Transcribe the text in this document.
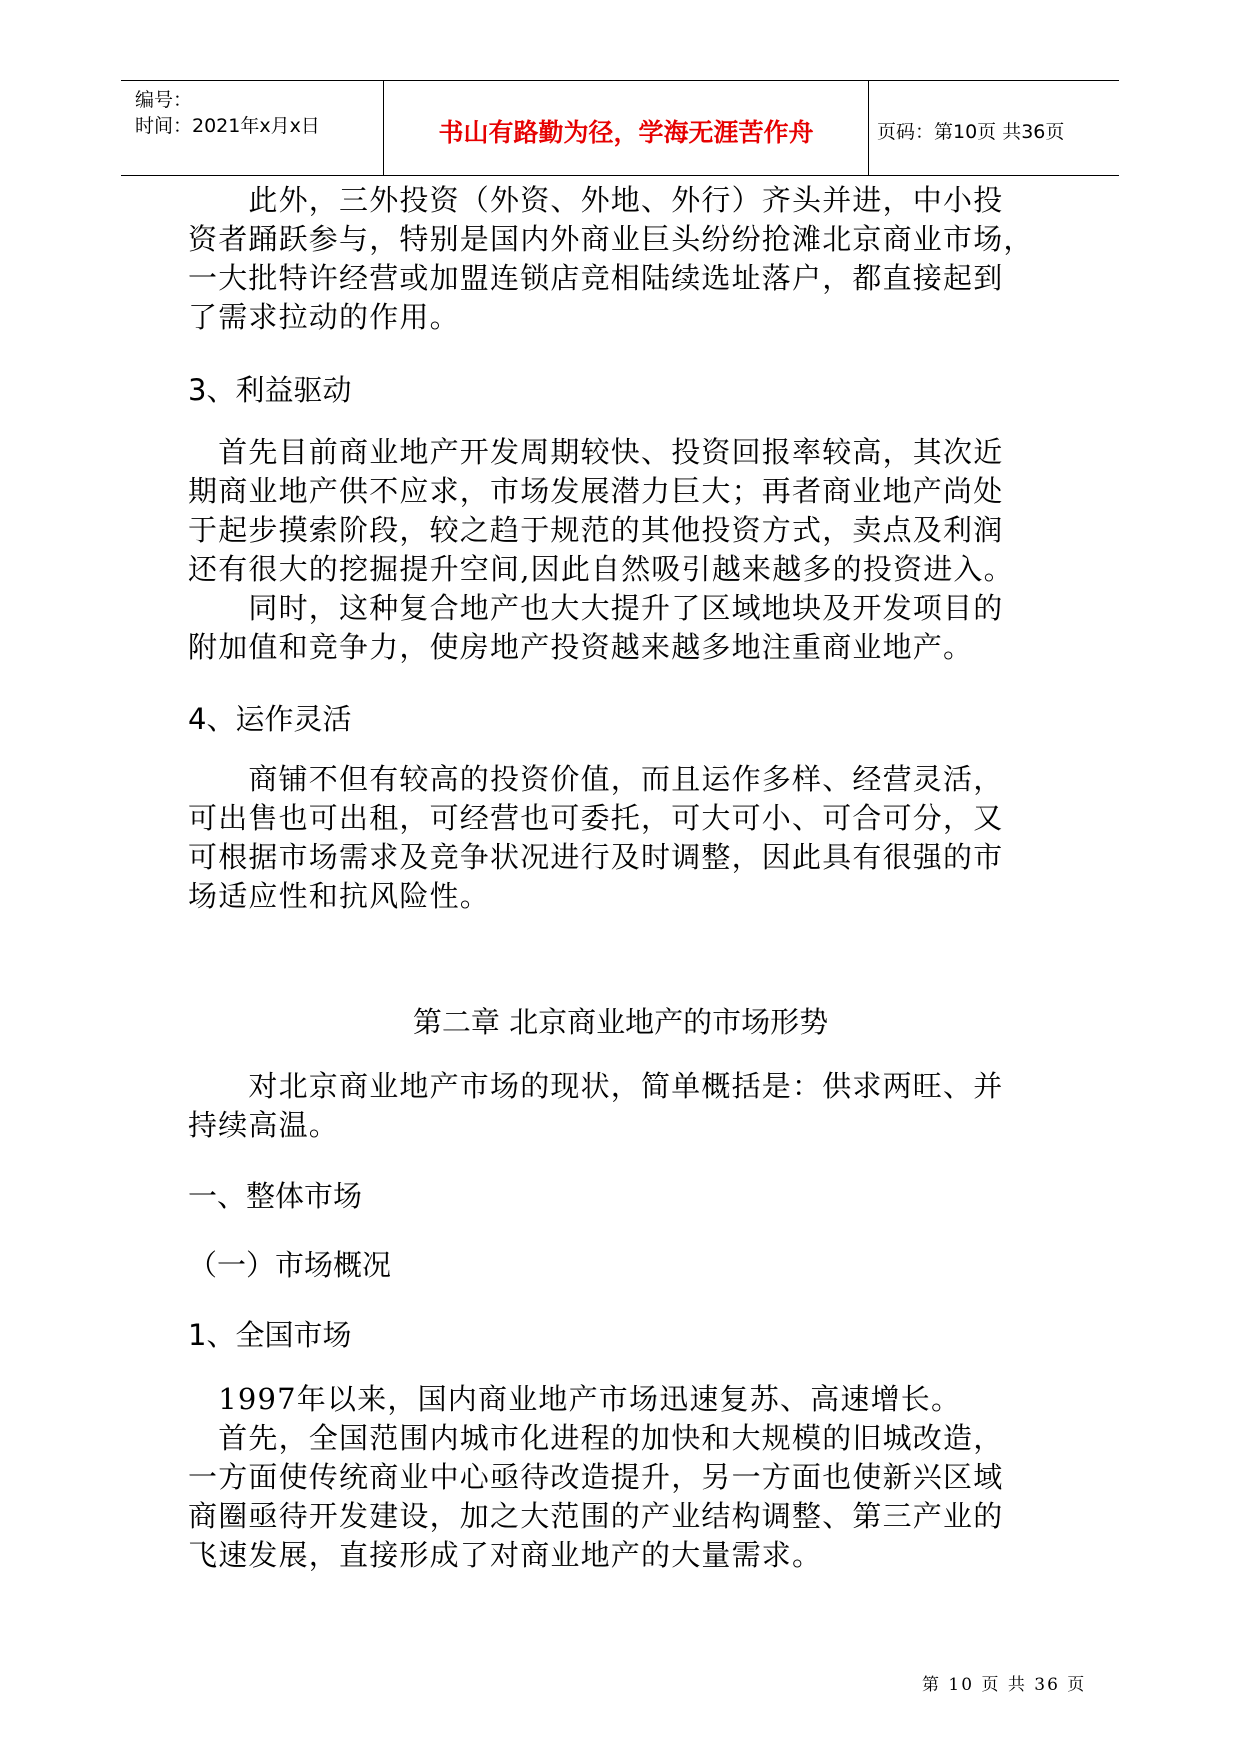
编号：
时间：2021年x月x日	书山有路勤为径，学海无涯苦作舟	页码：第10页 共36页
　　此外，三外投资（外资、外地、外行）齐头并进，中小投
资者踊跃参与，特别是国内外商业巨头纷纷抢滩北京商业市场，
一大批特许经营或加盟连锁店竞相陆续选址落户，都直接起到
了需求拉动的作用。
3、利益驱动
　首先目前商业地产开发周期较快、投资回报率较高，其次近
期商业地产供不应求，市场发展潜力巨大；再者商业地产尚处
于起步摸索阶段，较之趋于规范的其他投资方式，卖点及利润
还有很大的挖掘提升空间,因此自然吸引越来越多的投资进入。
　　同时，这种复合地产也大大提升了区域地块及开发项目的
附加值和竞争力，使房地产投资越来越多地注重商业地产。
4、运作灵活
　　商铺不但有较高的投资价值，而且运作多样、经营灵活，
可出售也可出租，可经营也可委托，可大可小、可合可分，又
可根据市场需求及竞争状况进行及时调整，因此具有很强的市
场适应性和抗风险性。
第二章 北京商业地产的市场形势
　　对北京商业地产市场的现状，简单概括是：供求两旺、并
持续高温。
一、整体市场
（一）市场概况
1、全国市场
　1997年以来，国内商业地产市场迅速复苏、高速增长。
　首先，全国范围内城市化进程的加快和大规模的旧城改造，
一方面使传统商业中心亟待改造提升，另一方面也使新兴区域
商圈亟待开发建设，加之大范围的产业结构调整、第三产业的
飞速发展，直接形成了对商业地产的大量需求。
第 10 页 共 36 页
